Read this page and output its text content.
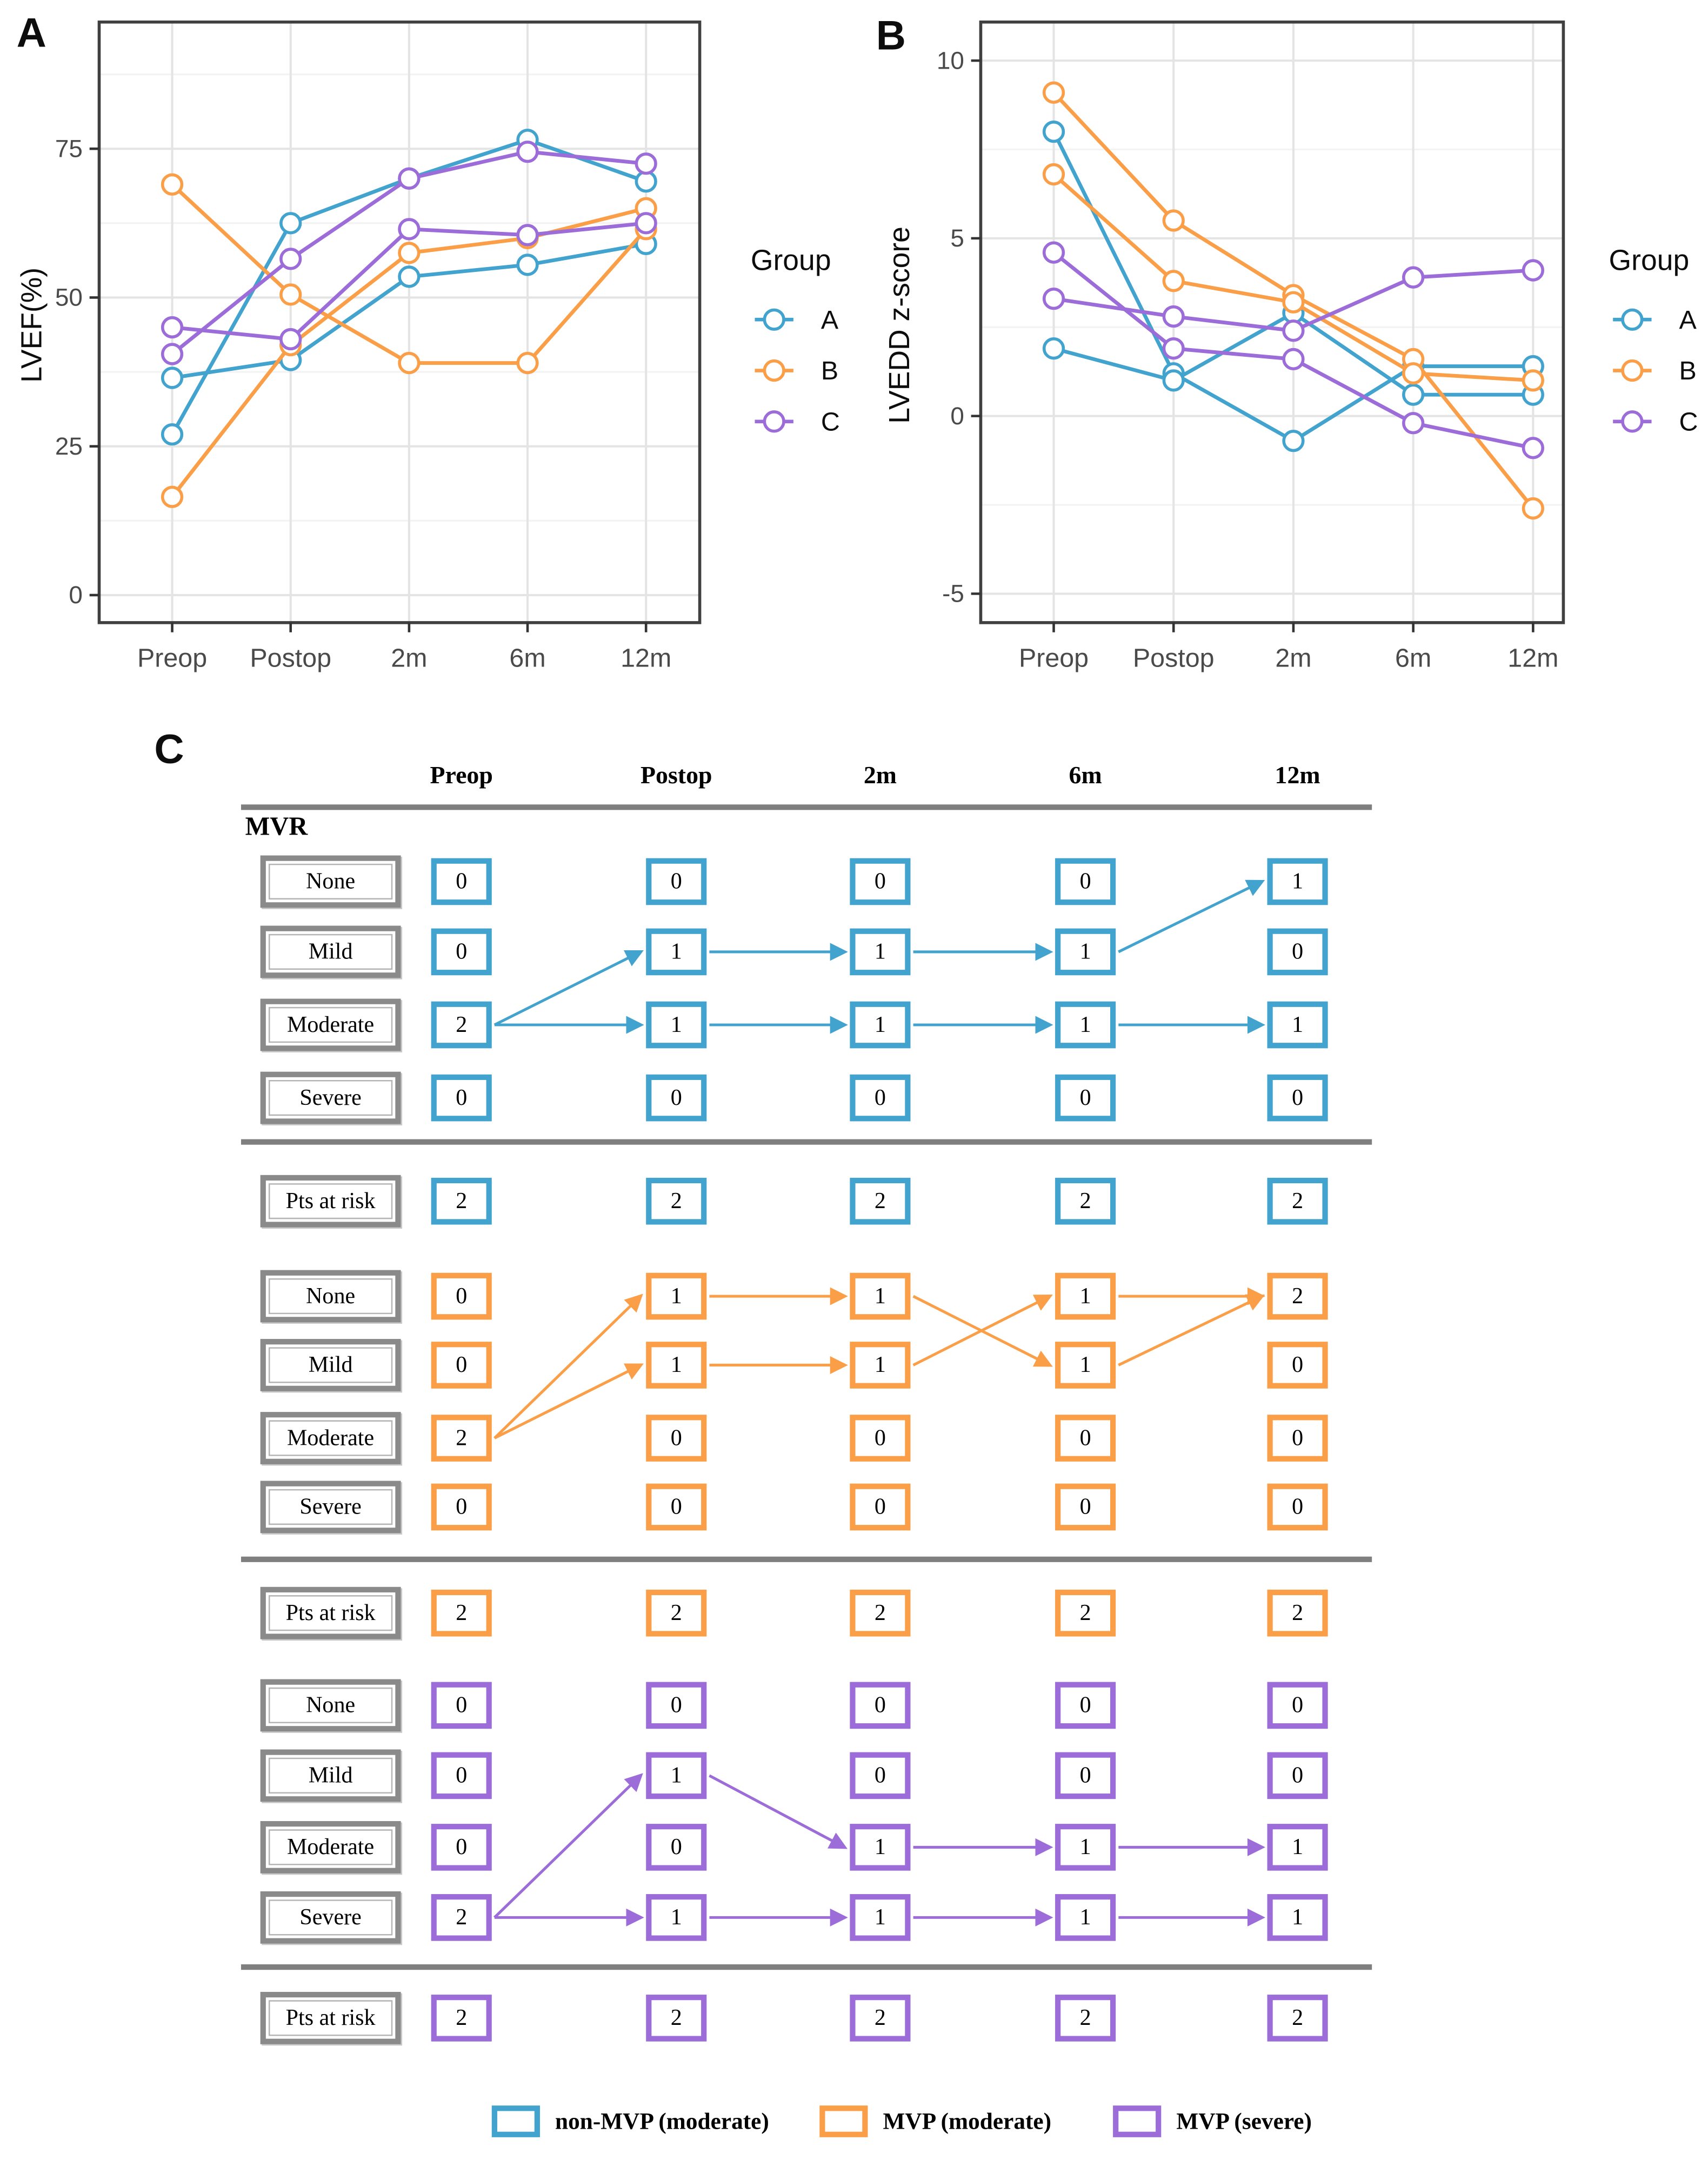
0
25
50
75
Preop	Postop	2m	6m	12m
LVEF(%)
Group
A
B
C
-5
0
5
10
Preop	Postop	2m	6m	12m
LVEDD z-score	Group
A
B
C
A	B
C
Preop	Postop	2m	6m	12m
MVR
None	0	0	0	0	1
Mild	0	1	1	1	0
Moderate	2	1	1	1	1
Severe	0	0	0	0	0
Pts at risk	2	2	2	2	2
None	0	1	1	1	2
Mild	0	1	1	1	0
Moderate	2	0	0	0	0
Severe	0	0	0	0	0
Pts at risk	2	2	2	2	2
None	0	0	0	0	0
Mild	0	1	0	0	0
Moderate	0	0	1	1	1
Severe	2	1	1	1	1
Pts at risk	2	2	2	2	2
non-MVP (moderate)	MVP (moderate)	MVP (severe)
